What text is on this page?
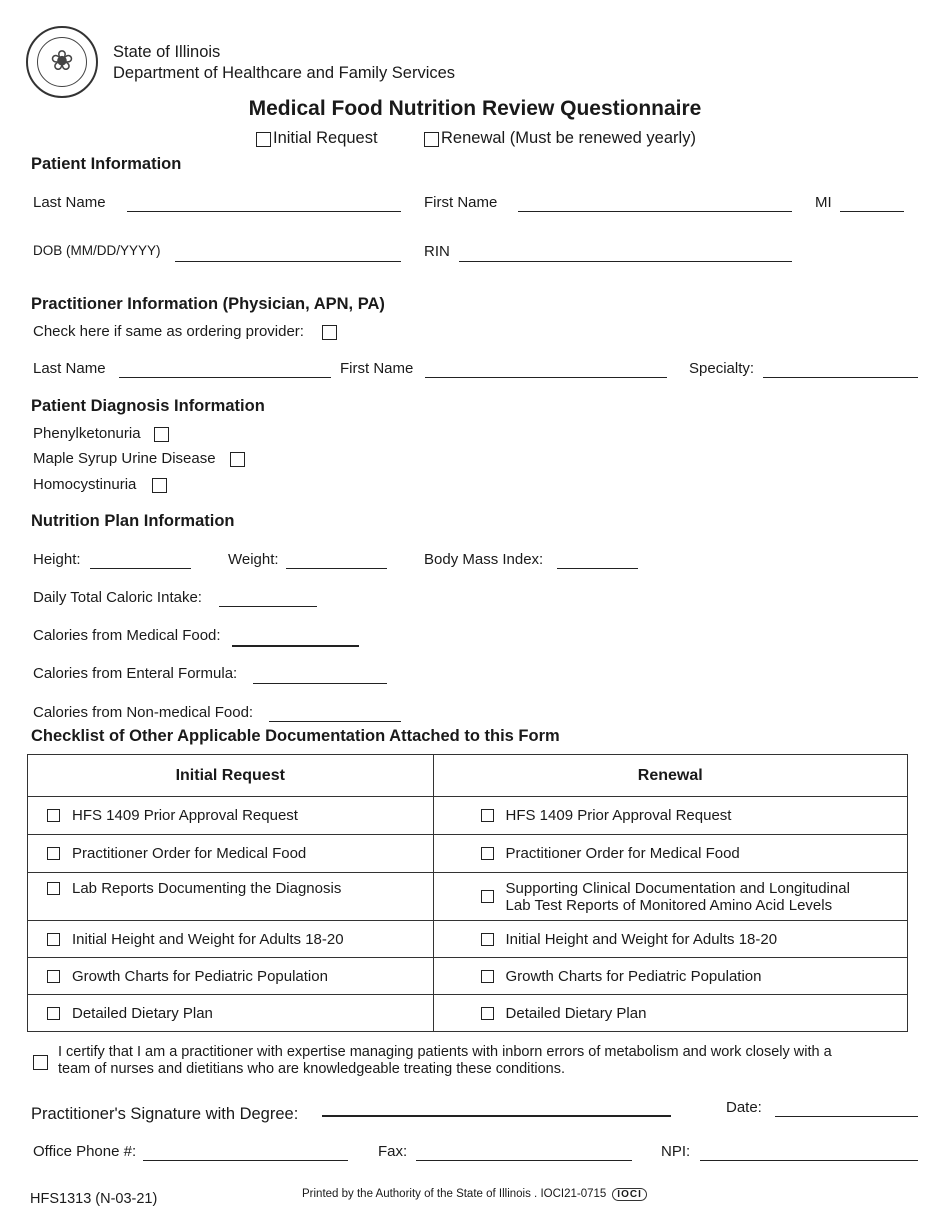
❀	State of Illinois
Department of Healthcare and Family Services
Medical Food Nutrition Review Questionnaire
Initial Request	Renewal (Must be renewed yearly)
Patient Information
Last Name	First Name	MI
DOB (MM/DD/YYYY)	RIN
Practitioner Information (Physician, APN, PA)
Check here if same as ordering provider:
Last Name	First Name	Specialty:
Patient Diagnosis Information
Phenylketonuria
Maple Syrup Urine Disease
Homocystinuria
Nutrition Plan Information
Height:	Weight:	Body Mass Index:
Daily Total Caloric Intake:
Calories from Medical Food:
Calories from Enteral Formula:
Calories from Non-medical Food:
Checklist of Other Applicable Documentation Attached to this Form
Initial Request	Renewal

HFS 1409 Prior Approval Request	HFS 1409 Prior Approval Request

Practitioner Order for Medical Food	Practitioner Order for Medical Food

Lab Reports Documenting the Diagnosis	Supporting Clinical Documentation and Longitudinal
Lab Test Reports of Monitored Amino Acid Levels

Initial Height and Weight for Adults 18-20	Initial Height and Weight for Adults 18-20

Growth Charts for Pediatric Population	Growth Charts for Pediatric Population

Detailed Dietary Plan	Detailed Dietary Plan
I certify that I am a practitioner with expertise managing patients with inborn errors of metabolism and work closely with a
team of nurses and dietitians who are knowledgeable treating these conditions.
Practitioner's Signature with Degree:	Date:
Office Phone #:	Fax:	NPI:
HFS1313 (N-03-21)	Printed by the Authority of the State of Illinois . IOCI21-0715 IOCI
